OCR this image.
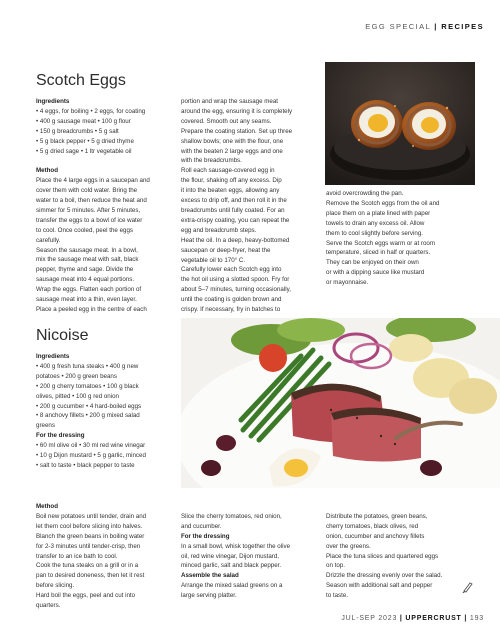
EGG SPECIAL | RECIPES
Scotch Eggs

Ingredients

• 4 eggs, for boiling • 2 eggs, for coating

• 400 g sausage meat • 100 g flour

• 150 g breadcrumbs • 5 g salt

• 5 g black pepper • 5 g dried thyme

• 5 g dried sage • 1 ltr vegetable oil

Method

Place the 4 large eggs in a saucepan and

cover them with cold water. Bring the

water to a boil, then reduce the heat and

simmer for 5 minutes. After 5 minutes,

transfer the eggs to a bowl of ice water

to cool. Once cooled, peel the eggs

carefully.

Season the sausage meat. In a bowl,

mix the sausage meat with salt, black

pepper, thyme and sage. Divide the

sausage meat into 4 equal portions.

Wrap the eggs. Flatten each portion of

sausage meat into a thin, even layer.

Place a peeled egg in the centre of each

portion and wrap the sausage meat

around the egg, ensuring it is completely

covered. Smooth out any seams.

Prepare the coating station. Set up three

shallow bowls; one with the flour, one

with the beaten 2 large eggs and one

with the breadcrumbs.

Roll each sausage-covered egg in

the flour, shaking off any excess. Dip

it into the beaten eggs, allowing any

excess to drip off, and then roll it in the

breadcrumbs until fully coated. For an

extra-crispy coating, you can repeat the

egg and breadcrumb steps.

Heat the oil. In a deep, heavy-bottomed

saucepan or deep-fryer, heat the

vegetable oil to 170° C.

Carefully lower each Scotch egg into

the hot oil using a slotted spoon. Fry for

about 5–7 minutes, turning occasionally,

until the coating is golden brown and

crispy. If necessary, fry in batches to

avoid overcrowding the pan.

Remove the Scotch eggs from the oil and

place them on a plate lined with paper

towels to drain any excess oil. Allow

them to cool slightly before serving.

Serve the Scotch eggs warm or at room

temperature, sliced in half or quarters.

They can be enjoyed on their own

or with a dipping sauce like mustard

or mayonnaise.

Nicoise

Ingredients

• 400 g fresh tuna steaks • 400 g new

potatoes • 200 g green beans

• 200 g cherry tomatoes • 100 g black

olives, pitted • 100 g red onion

• 200 g cucumber • 4 hard-boiled eggs

• 8 anchovy fillets • 200 g mixed salad

greens

For the dressing

• 60 ml olive oil • 30 ml red wine vinegar

• 10 g Dijon mustard • 5 g garlic, minced

• salt to taste • black pepper to taste

Method

Boil new potatoes until tender, drain and

let them cool before slicing into halves.

Blanch the green beans in boiling water

for 2-3 minutes until tender-crisp, then

transfer to an ice bath to cool.

Cook the tuna steaks on a grill or in a

pan to desired doneness, then let it rest

before slicing.

Hard boil the eggs, peel and cut into

quarters.

Slice the cherry tomatoes, red onion,

and cucumber.

For the dressing

In a small bowl, whisk together the olive

oil, red wine vinegar, Dijon mustard,

minced garlic, salt and black pepper.

Assemble the salad

Arrange the mixed salad greens on a

large serving platter.

Distribute the potatoes, green beans,

cherry tomatoes, black olives, red

onion, cucumber and anchovy fillets

over the greens.

Place the tuna slices and quartered eggs

on top.

Drizzle the dressing evenly over the salad.

Season with additional salt and pepper

to taste.

JUL-SEP 2023 | UPPERCRUST | 193
